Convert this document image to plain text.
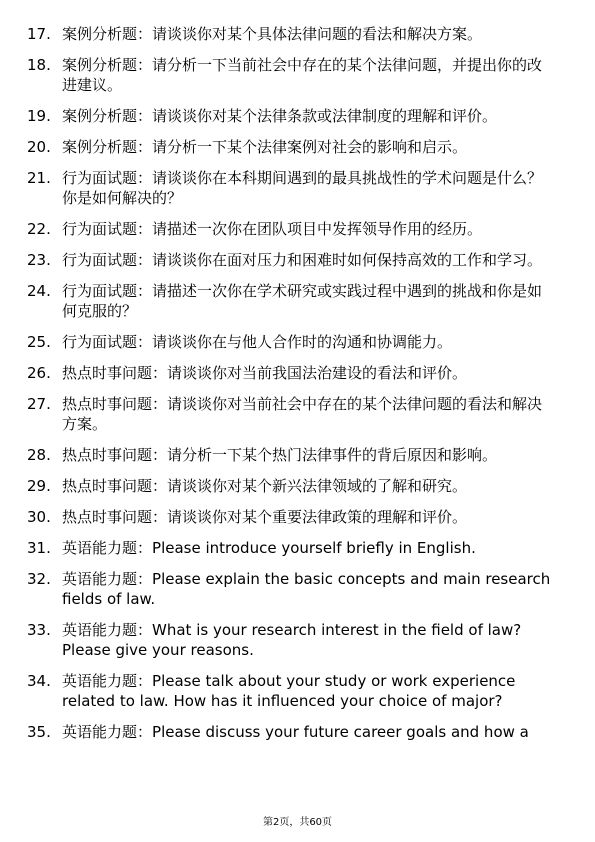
17. 案例分析题：请谈谈你对某个具体法律问题的看法和解决方案。
18. 案例分析题：请分析一下当前社会中存在的某个法律问题，并提出你的改进建议。
19. 案例分析题：请谈谈你对某个法律条款或法律制度的理解和评价。
20. 案例分析题：请分析一下某个法律案例对社会的影响和启示。
21. 行为面试题：请谈谈你在本科期间遇到的最具挑战性的学术问题是什么？你是如何解决的？
22. 行为面试题：请描述一次你在团队项目中发挥领导作用的经历。
23. 行为面试题：请谈谈你在面对压力和困难时如何保持高效的工作和学习。
24. 行为面试题：请描述一次你在学术研究或实践过程中遇到的挑战和你是如何克服的？
25. 行为面试题：请谈谈你在与他人合作时的沟通和协调能力。
26. 热点时事问题：请谈谈你对当前我国法治建设的看法和评价。
27. 热点时事问题：请谈谈你对当前社会中存在的某个法律问题的看法和解决方案。
28. 热点时事问题：请分析一下某个热门法律事件的背后原因和影响。
29. 热点时事问题：请谈谈你对某个新兴法律领域的了解和研究。
30. 热点时事问题：请谈谈你对某个重要法律政策的理解和评价。
31. 英语能力题：Please introduce yourself briefly in English.
32. 英语能力题：Please explain the basic concepts and main research fields of law.
33. 英语能力题：What is your research interest in the field of law? Please give your reasons.
34. 英语能力题：Please talk about your study or work experience related to law. How has it influenced your choice of major?
35. 英语能力题：Please discuss your future career goals and how a
第2页，共60页
